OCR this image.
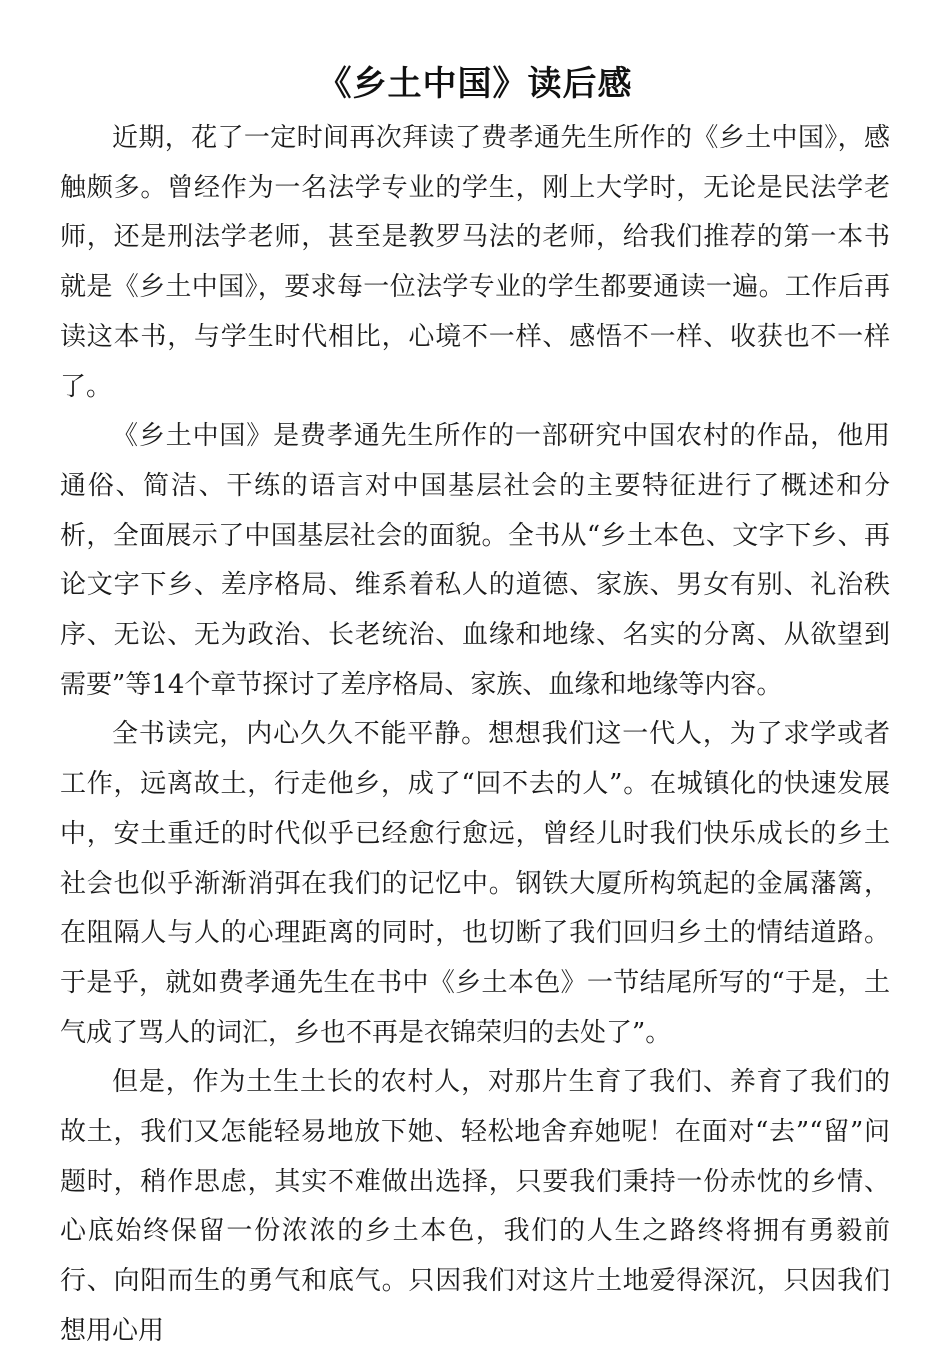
《乡土中国》读后感

近期，花了一定时间再次拜读了费孝通先生所作的《乡土中国》，感触颇多。曾经作为一名法学专业的学生，刚上大学时，无论是民法学老师，还是刑法学老师，甚至是教罗马法的老师，给我们推荐的第一本书就是《乡土中国》，要求每一位法学专业的学生都要通读一遍。工作后再读这本书，与学生时代相比，心境不一样、感悟不一样、收获也不一样了。

《乡土中国》是费孝通先生所作的一部研究中国农村的作品，他用通俗、简洁、干练的语言对中国基层社会的主要特征进行了概述和分析，全面展示了中国基层社会的面貌。全书从“乡土本色、文字下乡、再论文字下乡、差序格局、维系着私人的道德、家族、男女有别、礼治秩序、无讼、无为政治、长老统治、血缘和地缘、名实的分离、从欲望到需要”等14个章节探讨了差序格局、家族、血缘和地缘等内容。

全书读完，内心久久不能平静。想想我们这一代人，为了求学或者工作，远离故土，行走他乡，成了“回不去的人”。在城镇化的快速发展中，安土重迁的时代似乎已经愈行愈远，曾经儿时我们快乐成长的乡土社会也似乎渐渐消弭在我们的记忆中。钢铁大厦所构筑起的金属藩篱，在阻隔人与人的心理距离的同时，也切断了我们回归乡土的情结道路。于是乎，就如费孝通先生在书中《乡土本色》一节结尾所写的“于是，土气成了骂人的词汇，乡也不再是衣锦荣归的去处了”。

但是，作为土生土长的农村人，对那片生育了我们、养育了我们的故土，我们又怎能轻易地放下她、轻松地舍弃她呢！在面对“去”“留”问题时，稍作思虑，其实不难做出选择，只要我们秉持一份赤忱的乡情、心底始终保留一份浓浓的乡土本色，我们的人生之路终将拥有勇毅前行、向阳而生的勇气和底气。只因我们对这片土地爱得深沉，只因我们想用心用
